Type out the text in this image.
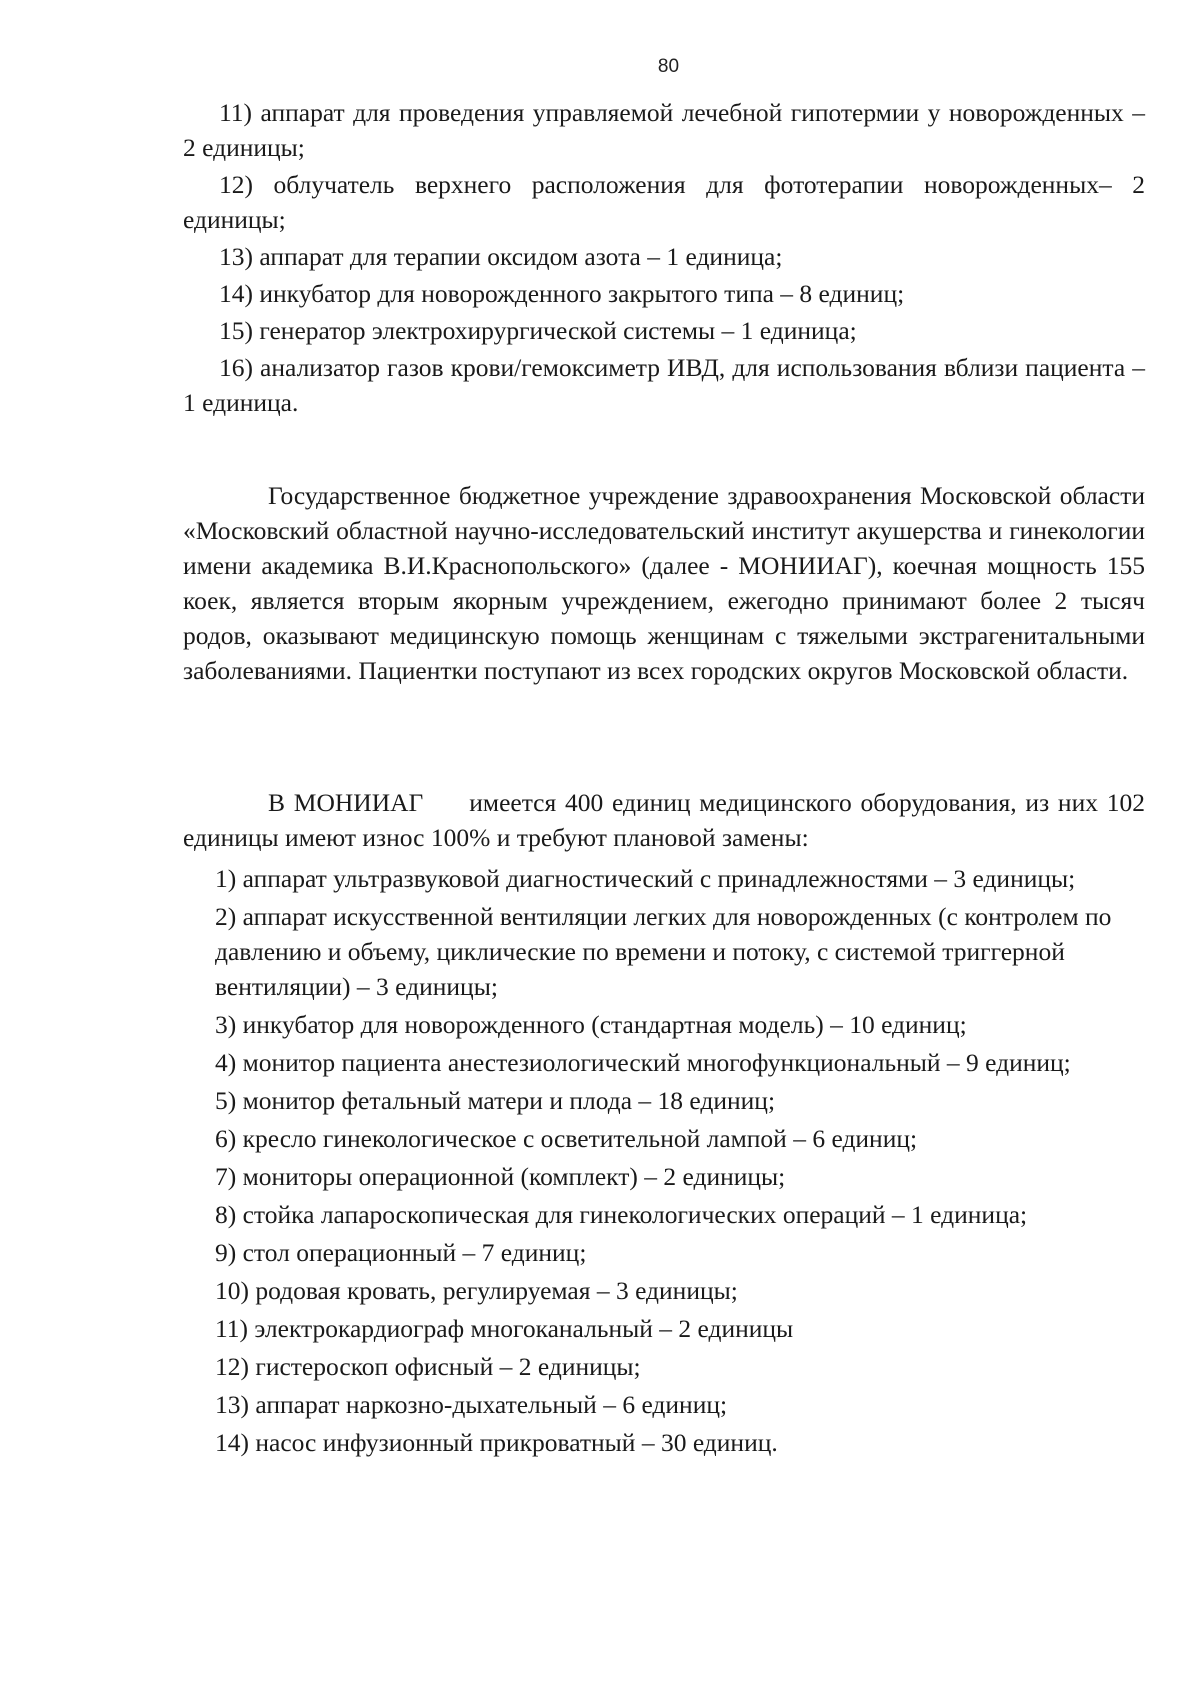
80

11) аппарат для проведения управляемой лечебной гипотермии у новорожденных – 2 единицы;

12) облучатель верхнего расположения для фототерапии новорожденных– 2 единицы;

13) аппарат для терапии оксидом азота – 1 единица;

14) инкубатор для новорожденного закрытого типа – 8 единиц;

15) генератор электрохирургической системы – 1 единица;

16) анализатор газов крови/гемоксиметр ИВД, для использования вблизи пациента – 1 единица.

Государственное бюджетное учреждение здравоохранения Московской области «Московский областной научно-исследовательский институт акушерства и гинекологии имени академика В.И.Краснопольского» (далее - МОНИИАГ), коечная мощность 155 коек, является вторым якорным учреждением, ежегодно принимают более 2 тысяч родов, оказывают медицинскую помощь женщинам с тяжелыми экстрагенитальными заболеваниями. Пациентки поступают из всех городских округов Московской области.

В МОНИИАГ имеется 400 единиц медицинского оборудования, из них 102 единицы имеют износ 100% и требуют плановой замены:

1) аппарат ультразвуковой диагностический с принадлежностями – 3 единицы;
2) аппарат искусственной вентиляции легких для новорожденных (с контролем по давлению и объему, циклические по времени и потоку, с системой триггерной вентиляции) – 3 единицы;
3) инкубатор для новорожденного (стандартная модель) – 10 единиц;
4) монитор пациента анестезиологический многофункциональный – 9 единиц;
5) монитор фетальный матери и плода – 18 единиц;
6) кресло гинекологическое с осветительной лампой – 6 единиц;
7) мониторы операционной (комплект) – 2 единицы;
8) стойка лапароскопическая для гинекологических операций – 1 единица;
9) стол операционный – 7 единиц;
10) родовая кровать, регулируемая – 3 единицы;
11) электрокардиограф многоканальный – 2 единицы
12) гистероскоп офисный – 2 единицы;
13) аппарат наркозно-дыхательный – 6 единиц;
14) насос инфузионный прикроватный – 30 единиц.
